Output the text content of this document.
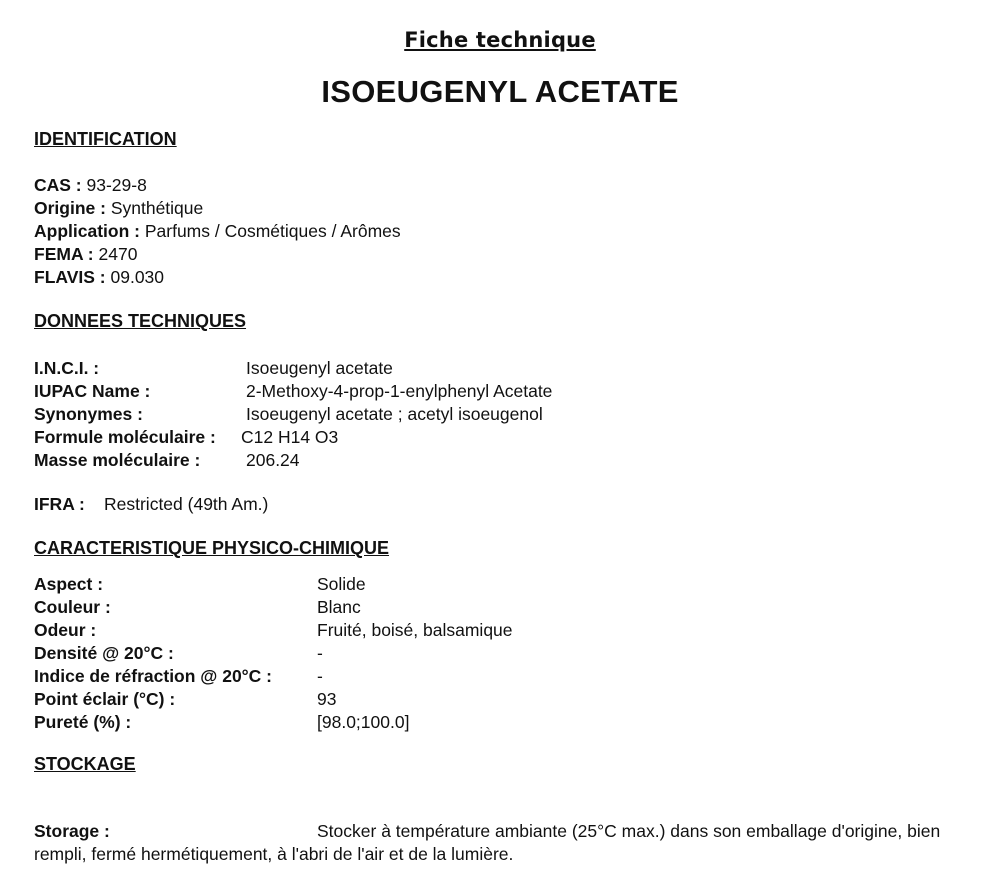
Fiche technique
ISOEUGENYL ACETATE
IDENTIFICATION
CAS : 93-29-8
Origine : Synthétique
Application : Parfums / Cosmétiques / Arômes
FEMA : 2470
FLAVIS : 09.030
DONNEES TECHNIQUES
I.N.C.I. :	Isoeugenyl acetate
IUPAC Name :	2-Methoxy-4-prop-1-enylphenyl Acetate
Synonymes :	Isoeugenyl acetate ; acetyl isoeugenol
Formule moléculaire : C12 H14 O3
Masse moléculaire :	206.24
IFRA : Restricted (49th Am.)
CARACTERISTIQUE PHYSICO-CHIMIQUE
Aspect :	Solide
Couleur :	Blanc
Odeur :	Fruité, boisé, balsamique
Densité @ 20°C :	-
Indice de réfraction @ 20°C :	-
Point éclair (°C) :	93
Pureté (%) :	[98.0;100.0]
STOCKAGE
Storage :	Stocker à température ambiante (25°C max.) dans son emballage d'origine, bien rempli, fermé hermétiquement, à l'abri de l'air et de la lumière.
